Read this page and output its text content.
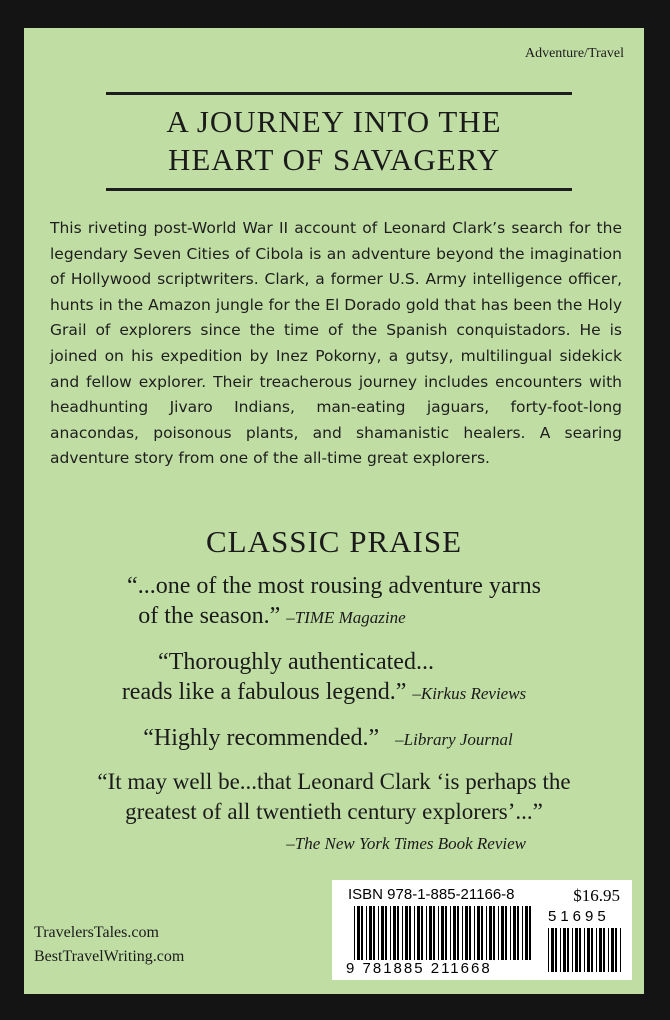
Adventure/Travel
A JOURNEY INTO THE
HEART OF SAVAGERY

This riveting post-World War II account of Leonard Clark’s search for the legendary Seven Cities of Cibola is an adventure beyond the imagination of Hollywood scriptwriters. Clark, a former U.S. Army intelligence officer, hunts in the Amazon jungle for the El Dorado gold that has been the Holy Grail of explorers since the time of the Spanish conquistadors. He is joined on his expedition by Inez Pokorny, a gutsy, multilingual sidekick and fellow explorer. Their treacherous journey includes encounters with headhunting Jivaro Indians, man-eating jaguars, forty-foot-long anacondas, poisonous plants, and shamanistic healers. A searing adventure story from one of the all-time great explorers.

CLASSIC PRAISE
“...one of the most rousing adventure yarns
of the season.” –TIME Magazine
“Thoroughly authenticated...
reads like a fabulous legend.” –Kirkus Reviews
“Highly recommended.” –Library Journal
“It may well be...that Leonard Clark ‘is perhaps the
greatest of all twentieth century explorers’...”
–The New York Times Book Review
TravelersTales.com
BestTravelWriting.com
ISBN 978-1-885-21166-8	$16.95
51695
9 781885 211668
